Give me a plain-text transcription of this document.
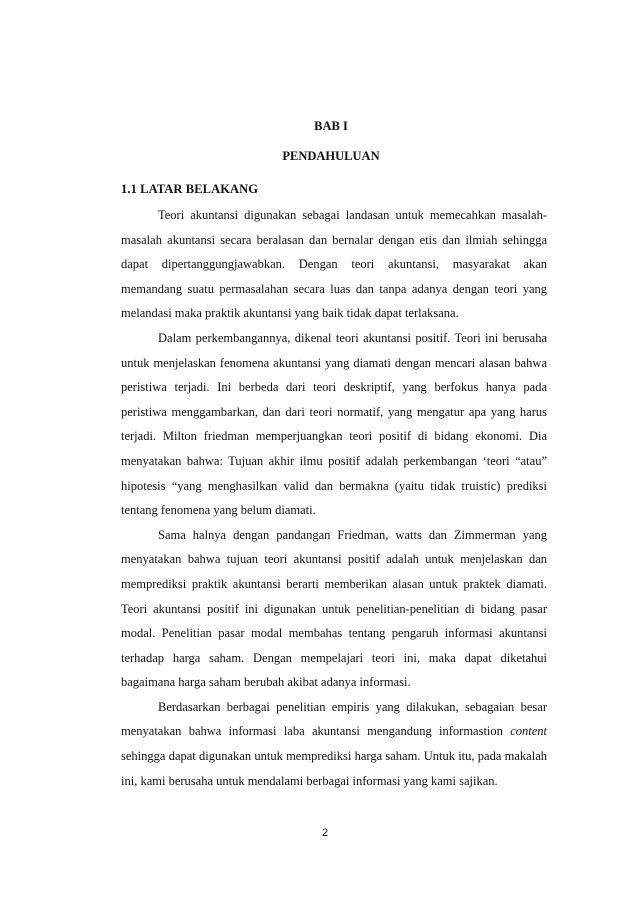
BAB I
PENDAHULUAN
1.1 LATAR BELAKANG

Teori akuntansi digunakan sebagai landasan untuk memecahkan masalah-masalah akuntansi secara beralasan dan bernalar dengan etis dan ilmiah sehingga dapat dipertanggungjawabkan. Dengan teori akuntansi, masyarakat akan memandang suatu permasalahan secara luas dan tanpa adanya dengan teori yang melandasi maka praktik akuntansi yang baik tidak dapat terlaksana.

Dalam perkembangannya, dikenal teori akuntansi positif. Teori ini berusaha untuk menjelaskan fenomena akuntansi yang diamati dengan mencari alasan bahwa peristiwa terjadi. Ini berbeda dari teori deskriptif, yang berfokus hanya pada peristiwa menggambarkan, dan dari teori normatif, yang mengatur apa yang harus terjadi. Milton friedman memperjuangkan teori positif di bidang ekonomi. Dia menyatakan bahwa: Tujuan akhir ilmu positif adalah perkembangan ‘teori “atau” hipotesis “yang menghasilkan valid dan bermakna (yaitu tidak truistic) prediksi tentang fenomena yang belum diamati.

Sama halnya dengan pandangan Friedman, watts dan Zimmerman yang menyatakan bahwa tujuan teori akuntansi positif adalah untuk menjelaskan dan memprediksi praktik akuntansi berarti memberikan alasan untuk praktek diamati. Teori akuntansi positif ini digunakan untuk penelitian-penelitian di bidang pasar modal. Penelitian pasar modal membahas tentang pengaruh informasi akuntansi terhadap harga saham. Dengan mempelajari teori ini, maka dapat diketahui bagaimana harga saham berubah akibat adanya informasi.

Berdasarkan berbagai penelitian empiris yang dilakukan, sebagaian besar menyatakan bahwa informasi laba akuntansi mengandung informastion content sehingga dapat digunakan untuk memprediksi harga saham. Untuk itu, pada makalah ini, kami berusaha untuk mendalami berbagai informasi yang kami sajikan.

2
